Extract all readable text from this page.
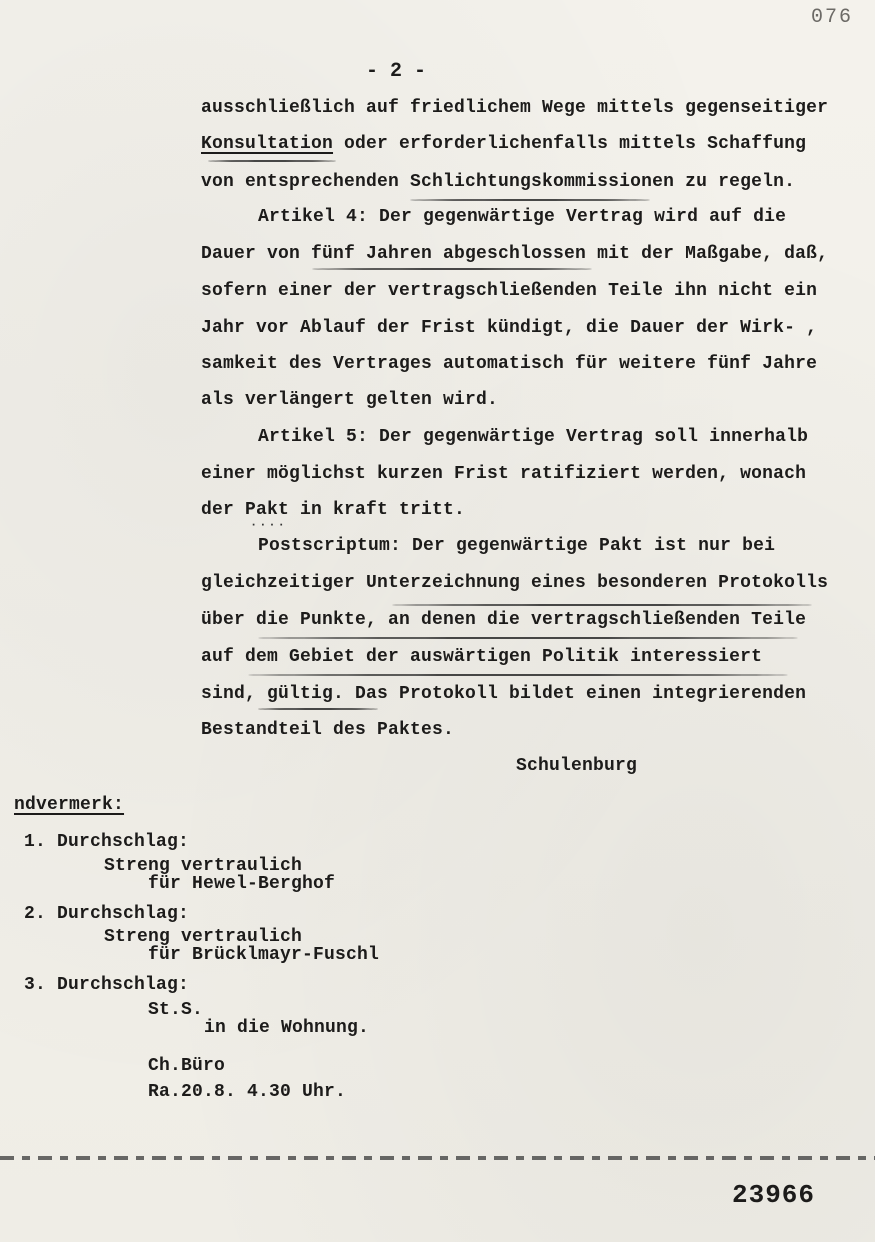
076
- 2 -
ausschließlich auf friedlichem Wege mittels gegenseitiger
Konsultation oder erforderlichenfalls mittels Schaffung
von entsprechenden Schlichtungskommissionen zu regeln.
Artikel 4: Der gegenwärtige Vertrag wird auf die
Dauer von fünf Jahren abgeschlossen mit der Maßgabe, daß,
sofern einer der vertragschließenden Teile ihn nicht ein
Jahr vor Ablauf der Frist kündigt, die Dauer der Wirk- ,
samkeit des Vertrages automatisch für weitere fünf Jahre
als verlängert gelten wird.
Artikel 5: Der gegenwärtige Vertrag soll innerhalb
einer möglichst kurzen Frist ratifiziert werden, wonach
der Pakt in kraft tritt.
····
Postscriptum: Der gegenwärtige Pakt ist nur bei
gleichzeitiger Unterzeichnung eines besonderen Protokolls
über die Punkte, an denen die vertragschließenden Teile
auf dem Gebiet der auswärtigen Politik interessiert
sind, gültig. Das Protokoll bildet einen integrierenden
Bestandteil des Paktes.
Schulenburg
ndvermerk:
1. Durchschlag:
Streng vertraulich
für Hewel-Berghof
2. Durchschlag:
Streng vertraulich
für Brücklmayr-Fuschl
3. Durchschlag:
St.S.
in die Wohnung.
Ch.Büro
Ra.20.8. 4.30 Uhr.
23966
